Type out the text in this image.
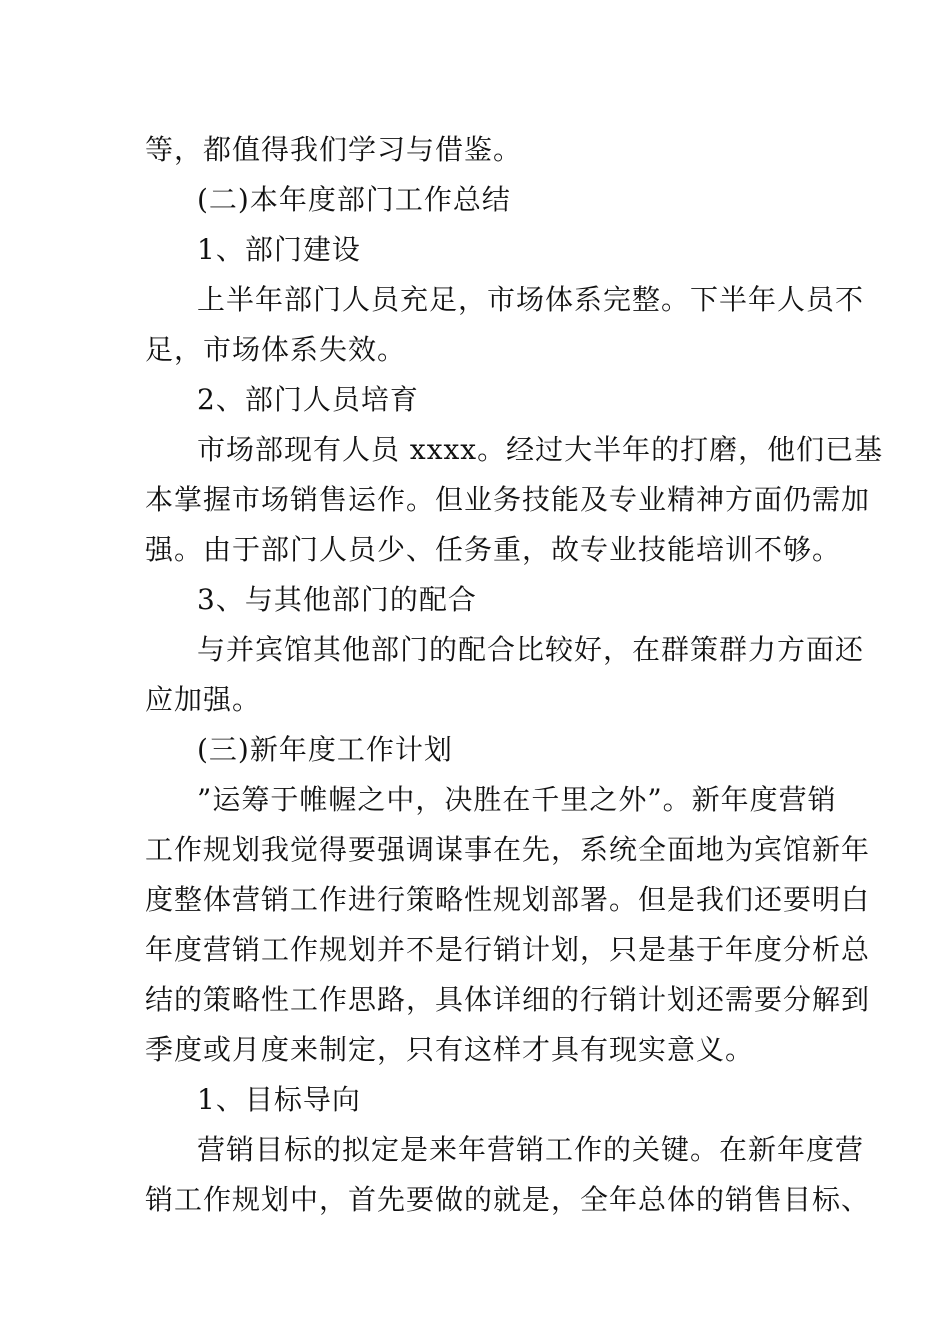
等，都值得我们学习与借鉴。
(二)本年度部门工作总结
1、部门建设
上半年部门人员充足，市场体系完整。下半年人员不
足，市场体系失效。
2、部门人员培育
市场部现有人员 xxxx。经过大半年的打磨，他们已基
本掌握市场销售运作。但业务技能及专业精神方面仍需加
强。由于部门人员少、任务重，故专业技能培训不够。
3、与其他部门的配合
与并宾馆其他部门的配合比较好，在群策群力方面还
应加强。
(三)新年度工作计划
”运筹于帷幄之中，决胜在千里之外”。新年度营销
工作规划我觉得要强调谋事在先，系统全面地为宾馆新年
度整体营销工作进行策略性规划部署。但是我们还要明白
年度营销工作规划并不是行销计划，只是基于年度分析总
结的策略性工作思路，具体详细的行销计划还需要分解到
季度或月度来制定，只有这样才具有现实意义。
1、目标导向
营销目标的拟定是来年营销工作的关键。在新年度营
销工作规划中，首先要做的就是，全年总体的销售目标、
